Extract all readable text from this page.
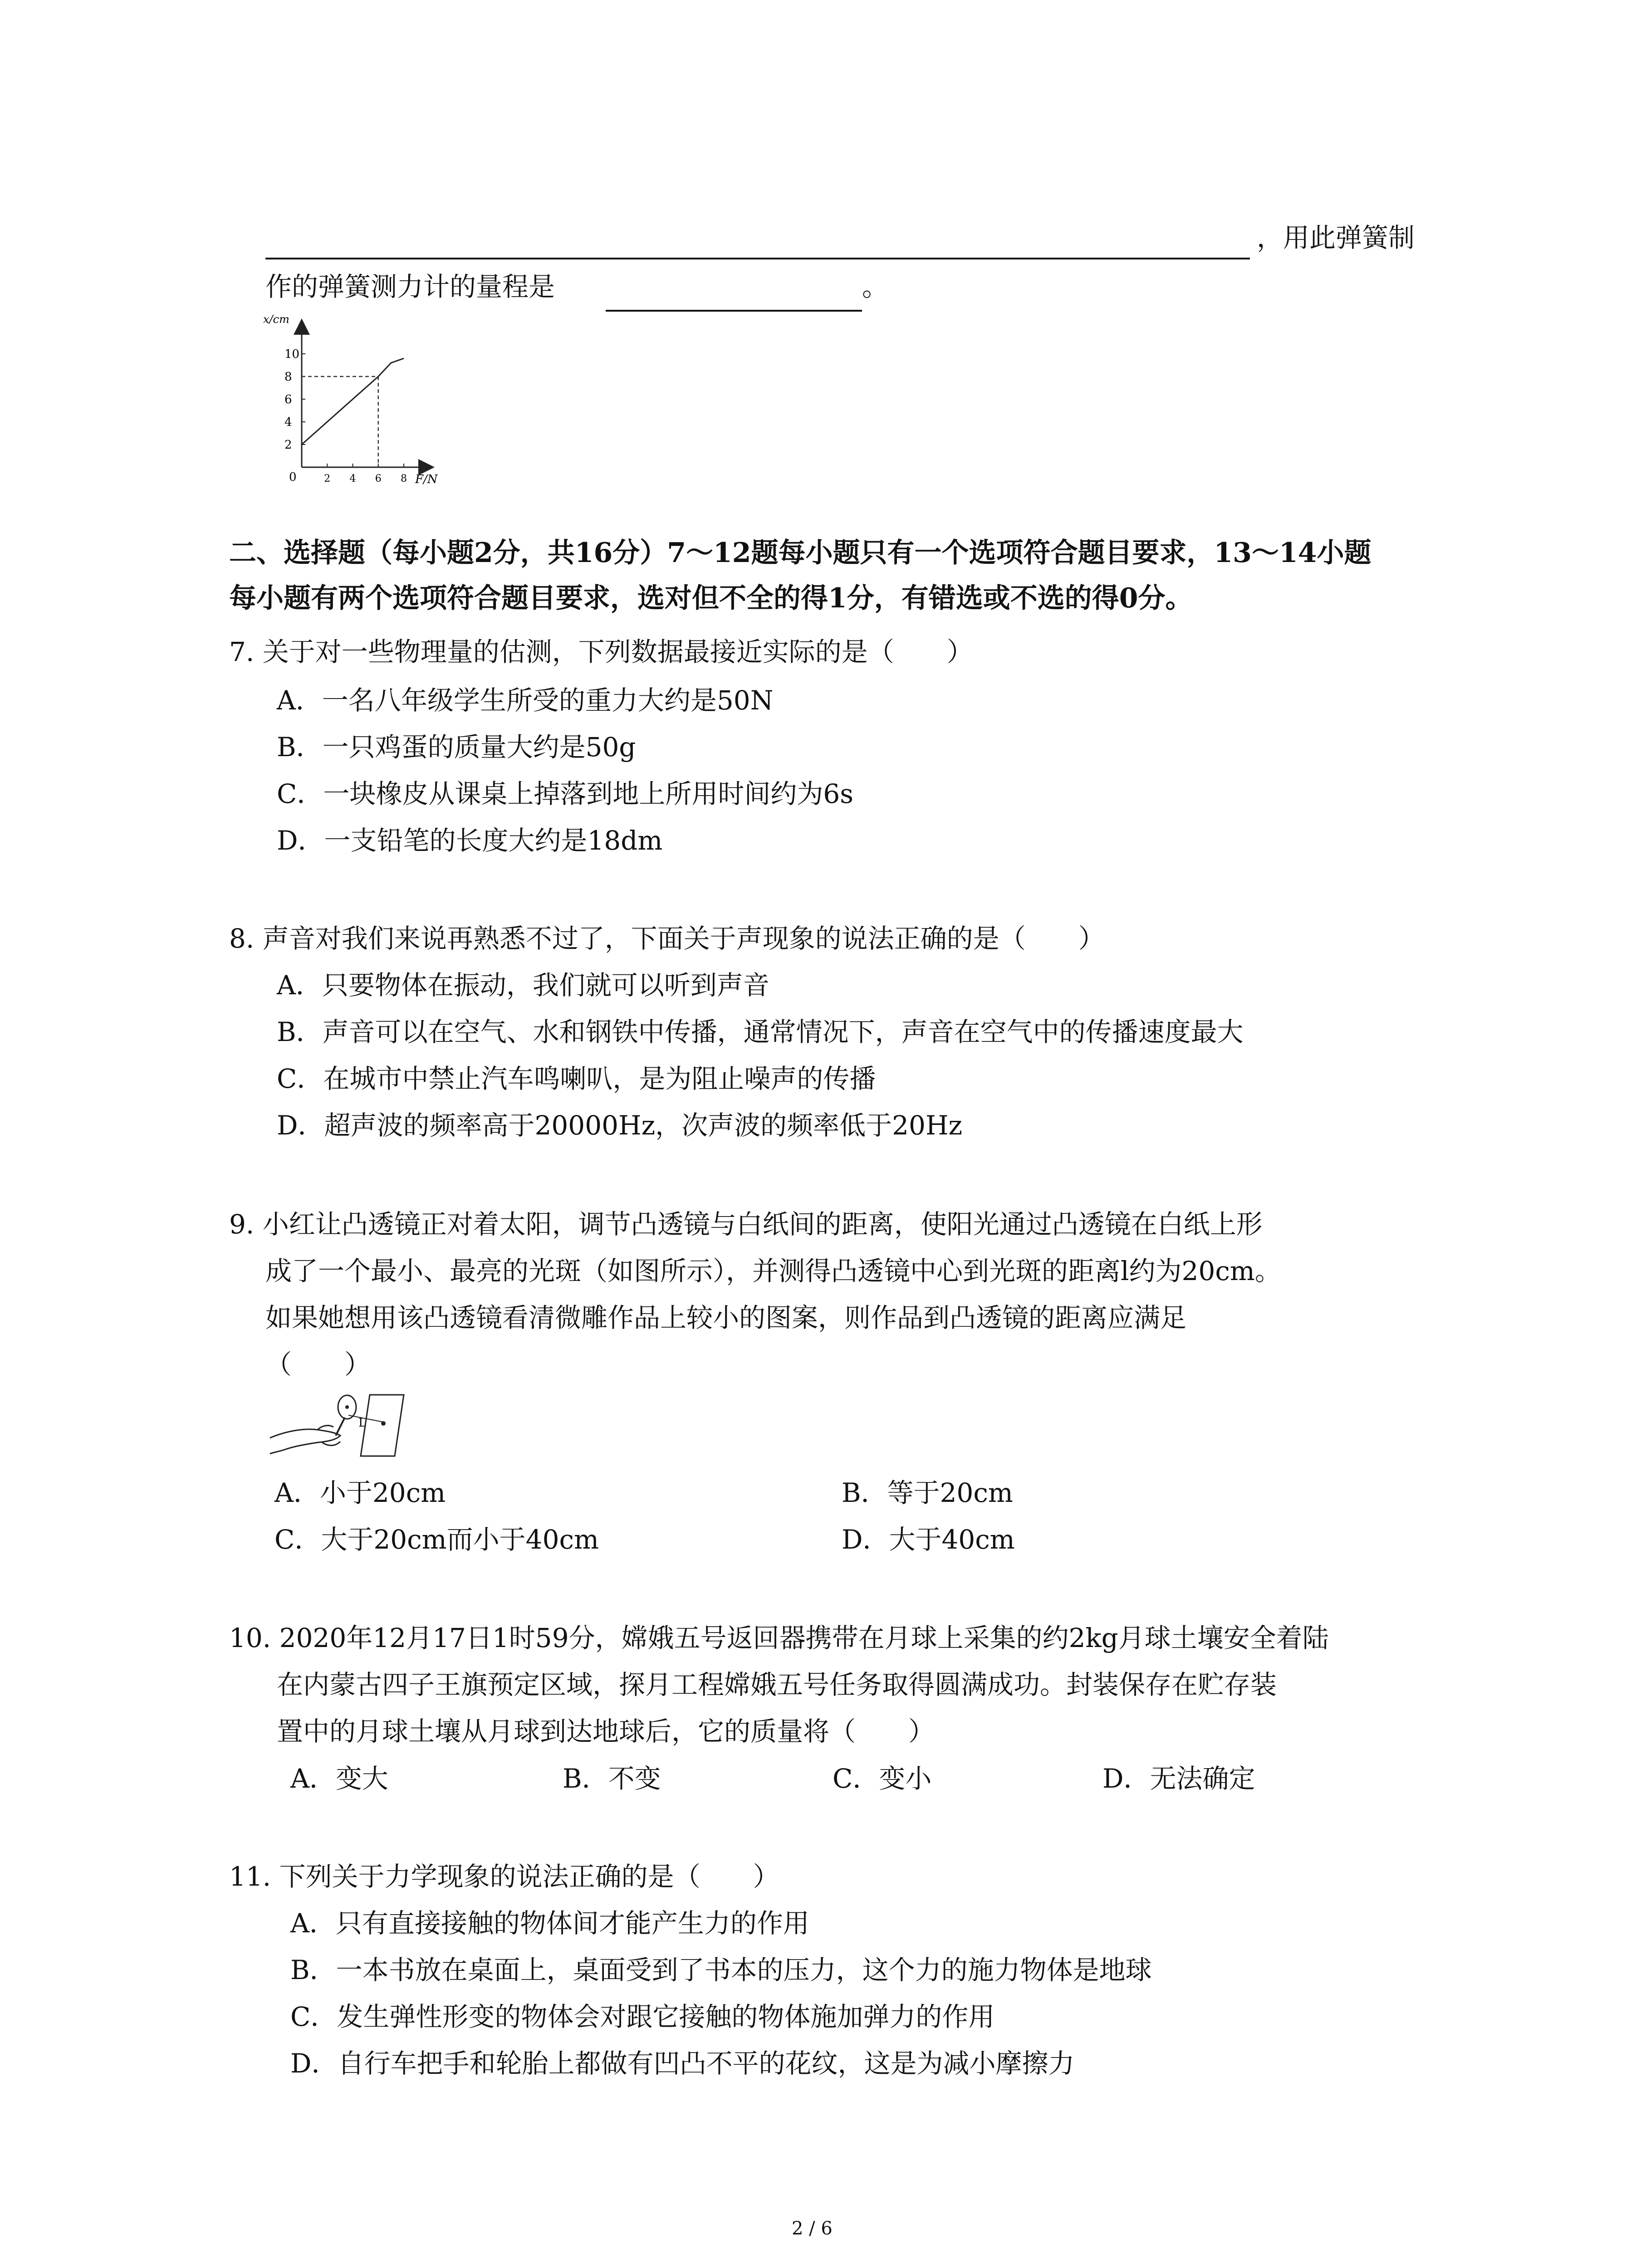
，用此弹簧制
作的弹簧测力计的量程是	。
x/cm
10
8
6
4
2
2 4 6 8
0	F/N
二、选择题（每小题2分，共16分）7～12题每小题只有一个选项符合题目要求，13～14小题
每小题有两个选项符合题目要求，选对但不全的得1分，有错选或不选的得0分。
7. 关于对一些物理量的估测，下列数据最接近实际的是（　　）
A．一名八年级学生所受的重力大约是50N
B．一只鸡蛋的质量大约是50g
C．一块橡皮从课桌上掉落到地上所用时间约为6s
D．一支铅笔的长度大约是18dm
8. 声音对我们来说再熟悉不过了，下面关于声现象的说法正确的是（　　）
A．只要物体在振动，我们就可以听到声音
B．声音可以在空气、水和钢铁中传播，通常情况下，声音在空气中的传播速度最大
C．在城市中禁止汽车鸣喇叭，是为阻止噪声的传播
D．超声波的频率高于20000Hz，次声波的频率低于20Hz
9. 小红让凸透镜正对着太阳，调节凸透镜与白纸间的距离，使阳光通过凸透镜在白纸上形
成了一个最小、最亮的光斑（如图所示），并测得凸透镜中心到光斑的距离l约为20cm。
如果她想用该凸透镜看清微雕作品上较小的图案，则作品到凸透镜的距离应满足
（　　）
L
A．小于20cm	B．等于20cm
C．大于20cm而小于40cm	D．大于40cm
10. 2020年12月17日1时59分，嫦娥五号返回器携带在月球上采集的约2kg月球土壤安全着陆
在内蒙古四子王旗预定区域，探月工程嫦娥五号任务取得圆满成功。封装保存在贮存装
置中的月球土壤从月球到达地球后，它的质量将（　　）
A．变大	B．不变	C．变小	D．无法确定
11. 下列关于力学现象的说法正确的是（　　）
A．只有直接接触的物体间才能产生力的作用
B．一本书放在桌面上，桌面受到了书本的压力，这个力的施力物体是地球
C．发生弹性形变的物体会对跟它接触的物体施加弹力的作用
D．自行车把手和轮胎上都做有凹凸不平的花纹，这是为减小摩擦力
2 / 6
